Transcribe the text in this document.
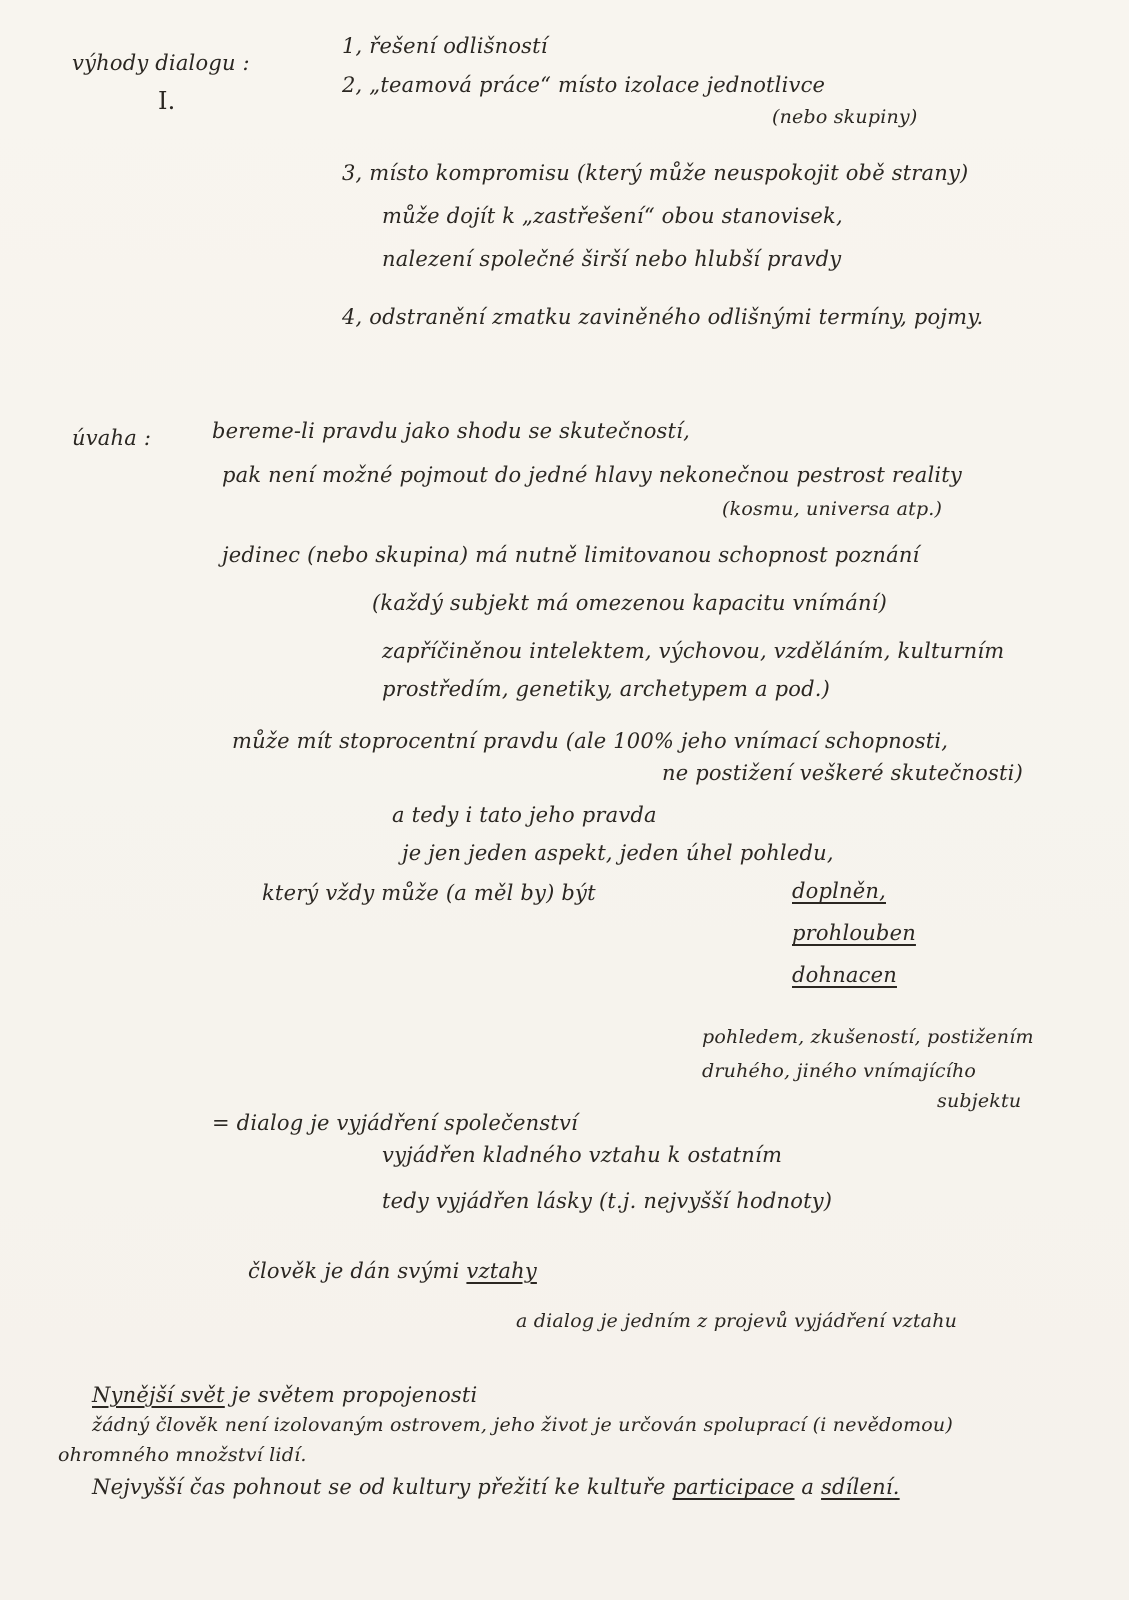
výhody dialogu :
I.
1, řešení odlišností
2, „teamová práce“ místo izolace jednotlivce
(nebo skupiny)
3, místo kompromisu (který může neuspokojit obě strany)
může dojít k „zastřešení“ obou stanovisek,
nalezení společné širší nebo hlubší pravdy
4, odstranění zmatku zaviněného odlišnými termíny, pojmy.
úvaha :	bereme-li pravdu jako shodu se skutečností,
pak není možné pojmout do jedné hlavy nekonečnou pestrost reality
(kosmu, universa atp.)
jedinec (nebo skupina) má nutně limitovanou schopnost poznání
(každý subjekt má omezenou kapacitu vnímání)
zapříčiněnou intelektem, výchovou, vzděláním, kulturním
prostředím, genetiky, archetypem a pod.)
může mít stoprocentní pravdu (ale 100% jeho vnímací schopnosti,
ne postižení veškeré skutečnosti)
a tedy i tato jeho pravda
je jen jeden aspekt, jeden úhel pohledu,
který vždy může (a měl by) být	doplněn,
prohlouben
dohnacen
pohledem, zkušeností, postižením
druhého, jiného vnímajícího
subjektu
= dialog je vyjádření společenství
vyjádřen kladného vztahu k ostatním
tedy vyjádřen lásky (t.j. nejvyšší hodnoty)
člověk je dán svými vztahy
a dialog je jedním z projevů vyjádření vztahu
Nynější svět je světem propojenosti
žádný člověk není izolovaným ostrovem, jeho život je určován spoluprací (i nevědomou)
ohromného množství lidí.
Nejvyšší čas pohnout se od kultury přežití ke kultuře participace a sdílení.
